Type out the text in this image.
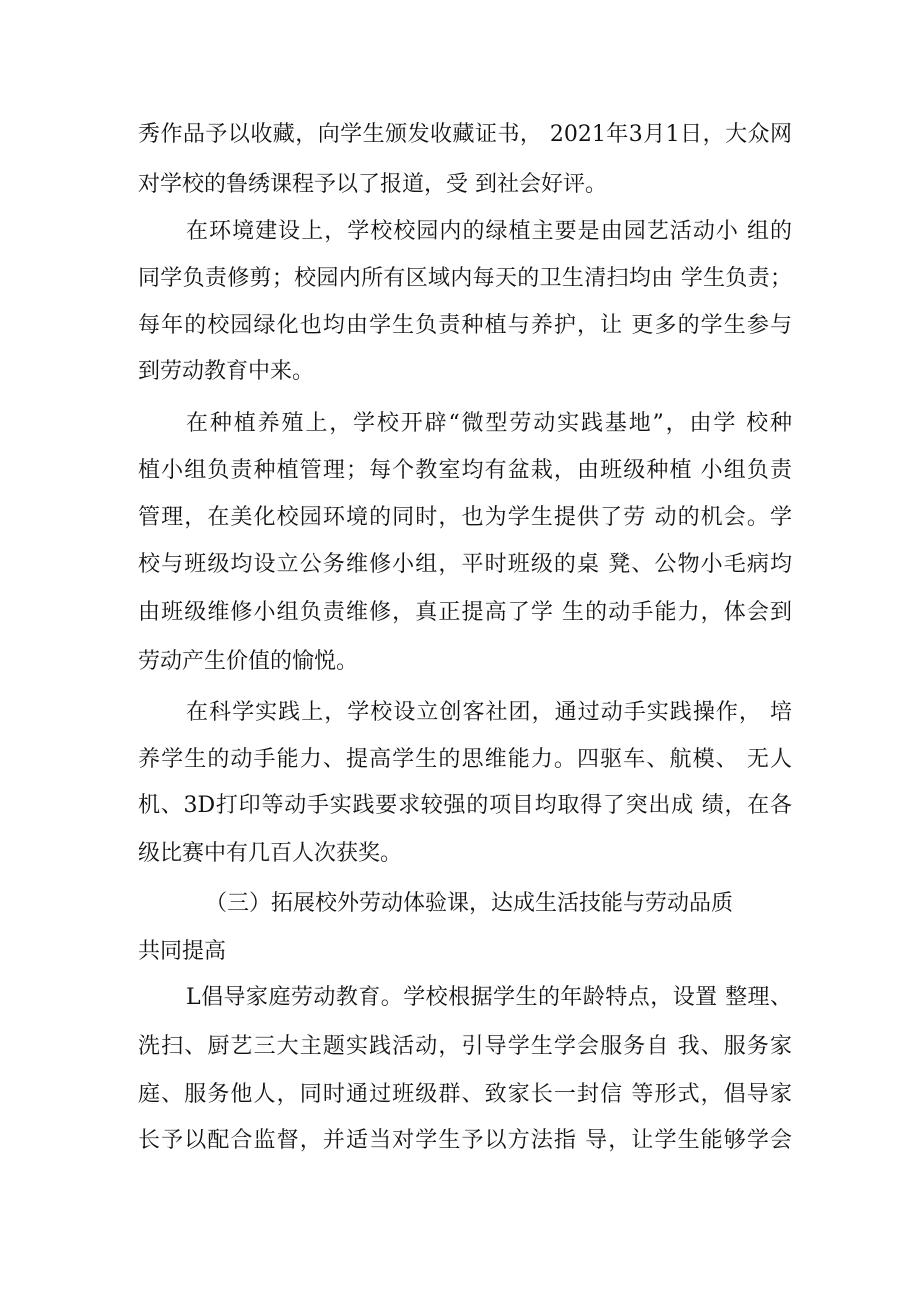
秀作品予以收藏，向学生颁发收藏证书， 2021年3月1日，大众网
对学校的鲁绣课程予以了报道，受 到社会好评。
在环境建设上，学校校园内的绿植主要是由园艺活动小 组的
同学负责修剪；校园内所有区域内每天的卫生清扫均由 学生负责；
每年的校园绿化也均由学生负责种植与养护，让 更多的学生参与
到劳动教育中来。
在种植养殖上，学校开辟“微型劳动实践基地”，由学 校种
植小组负责种植管理；每个教室均有盆栽，由班级种植 小组负责
管理，在美化校园环境的同时，也为学生提供了劳 动的机会。学
校与班级均设立公务维修小组，平时班级的桌 凳、公物小毛病均
由班级维修小组负责维修，真正提高了学 生的动手能力，体会到
劳动产生价值的愉悦。
在科学实践上，学校设立创客社团，通过动手实践操作， 培
养学生的动手能力、提高学生的思维能力。四驱车、航模、 无人
机、3D打印等动手实践要求较强的项目均取得了突出成 绩，在各
级比赛中有几百人次获奖。
（三）拓展校外劳动体验课，达成生活技能与劳动品质
共同提高
L倡导家庭劳动教育。学校根据学生的年龄特点，设置 整理、
洗扫、厨艺三大主题实践活动，引导学生学会服务自 我、服务家
庭、服务他人，同时通过班级群、致家长一封信 等形式，倡导家
长予以配合监督，并适当对学生予以方法指 导，让学生能够学会
